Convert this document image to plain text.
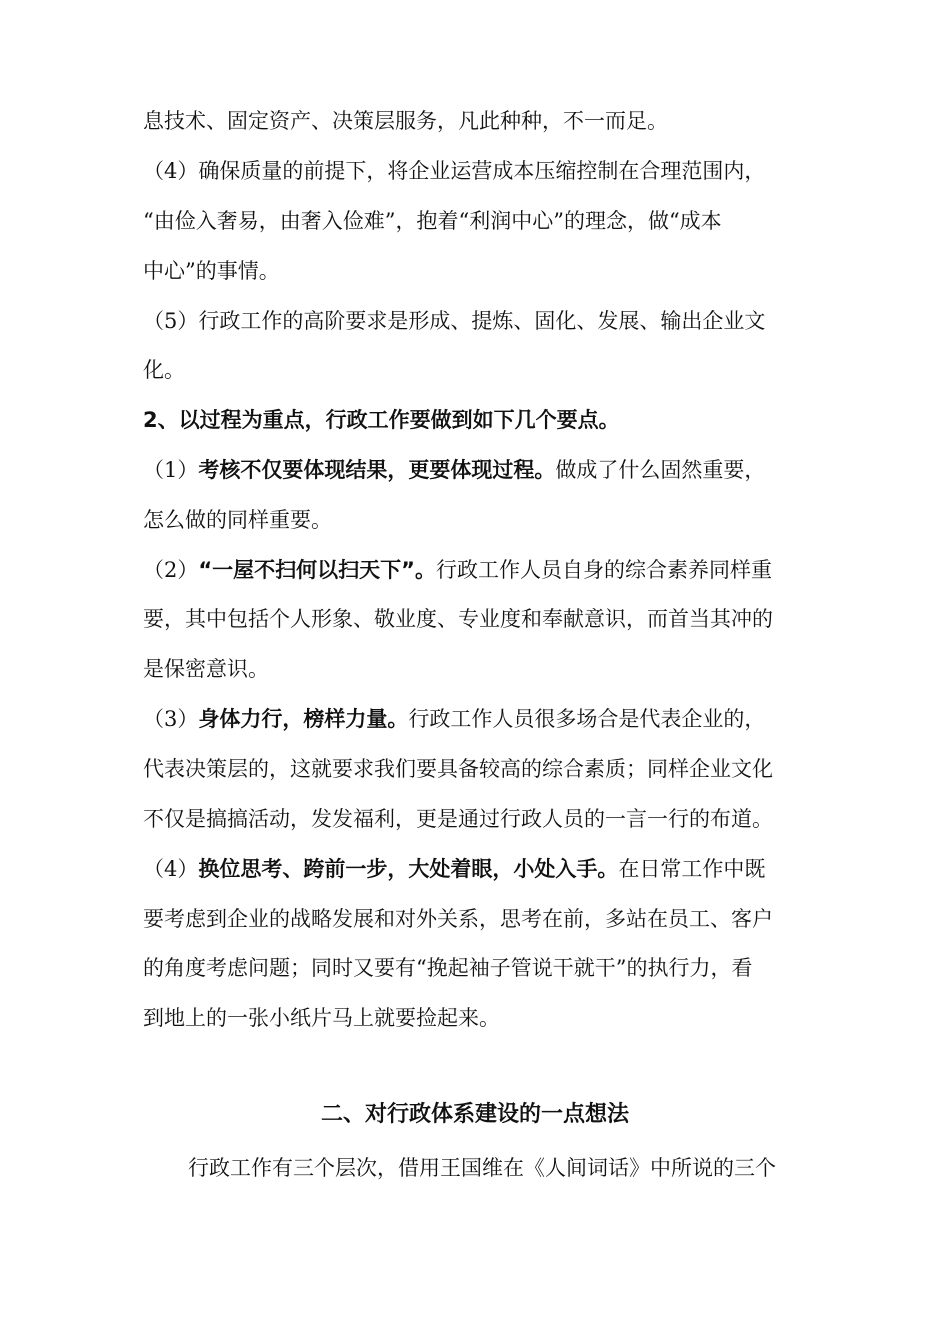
息技术、固定资产、决策层服务，凡此种种，不一而足。
（4）确保质量的前提下，将企业运营成本压缩控制在合理范围内，
“由俭入奢易，由奢入俭难”，抱着“利润中心”的理念，做“成本
中心”的事情。
（5）行政工作的高阶要求是形成、提炼、固化、发展、输出企业文
化。
2、以过程为重点，行政工作要做到如下几个要点。
（1）考核不仅要体现结果，更要体现过程。做成了什么固然重要，
怎么做的同样重要。
（2）“一屋不扫何以扫天下”。行政工作人员自身的综合素养同样重
要，其中包括个人形象、敬业度、专业度和奉献意识，而首当其冲的
是保密意识。
（3）身体力行，榜样力量。行政工作人员很多场合是代表企业的，
代表决策层的，这就要求我们要具备较高的综合素质；同样企业文化
不仅是搞搞活动，发发福利，更是通过行政人员的一言一行的布道。
（4）换位思考、跨前一步，大处着眼，小处入手。在日常工作中既
要考虑到企业的战略发展和对外关系，思考在前，多站在员工、客户
的角度考虑问题；同时又要有“挽起袖子管说干就干”的执行力，看
到地上的一张小纸片马上就要捡起来。
二、对行政体系建设的一点想法
行政工作有三个层次，借用王国维在《人间词话》中所说的三个
